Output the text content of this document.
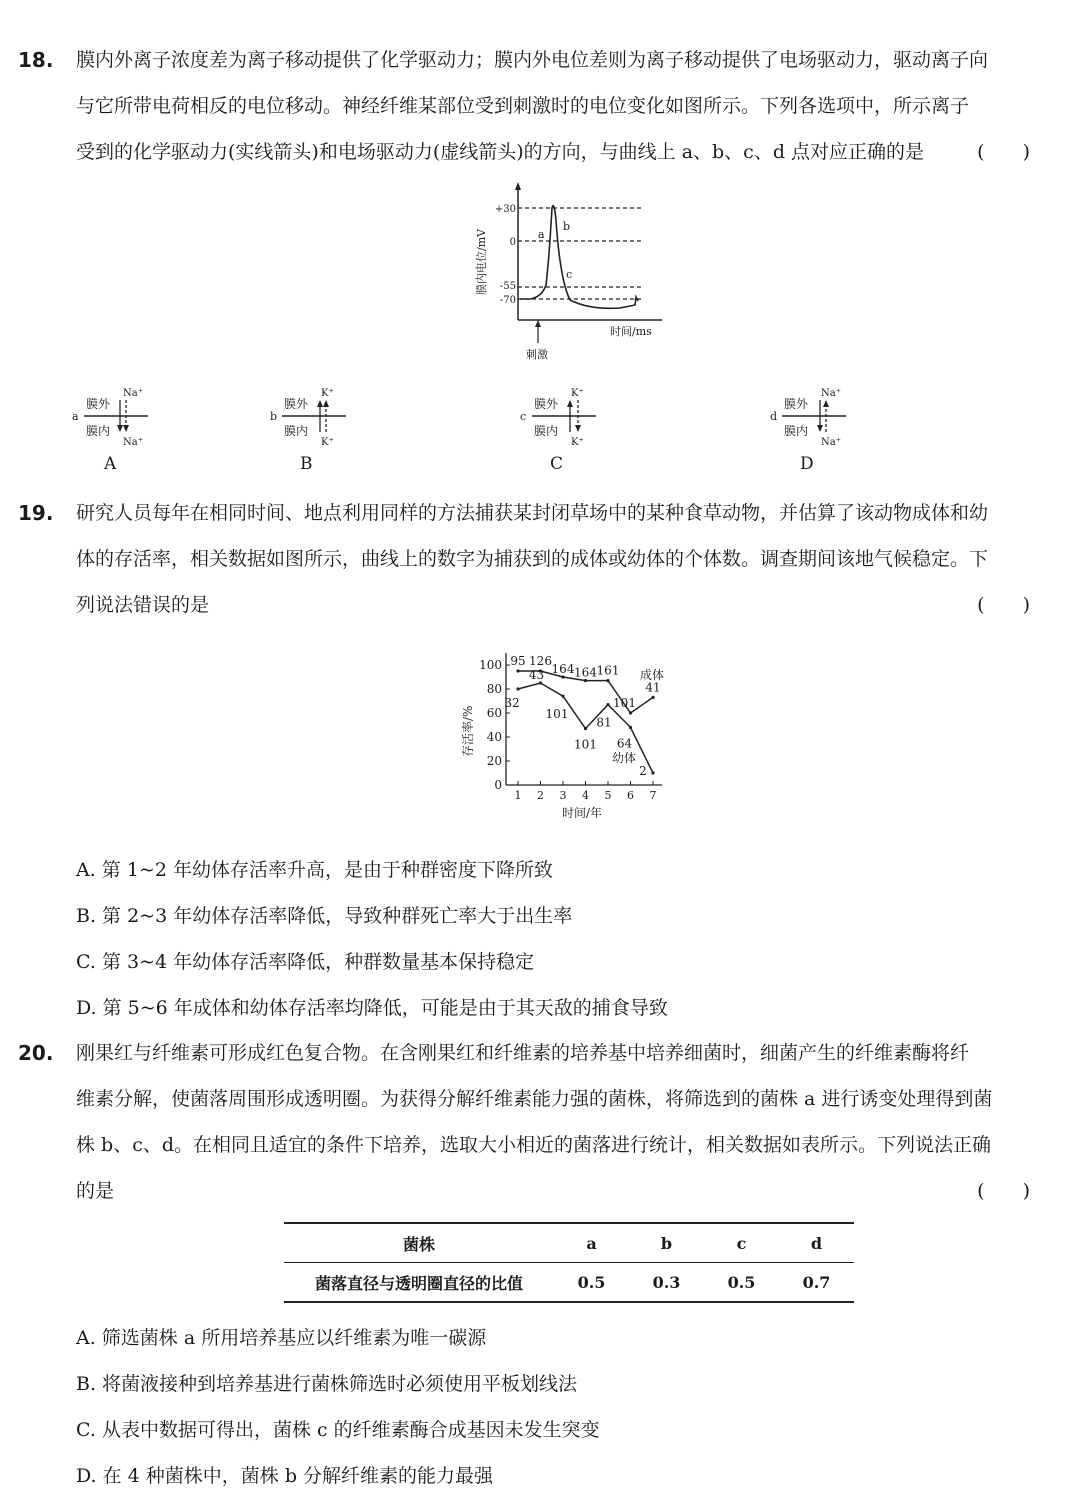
18. 膜内外离子浓度差为离子移动提供了化学驱动力；膜内外电位差则为离子移动提供了电场驱动力，驱动离子向

与它所带电荷相反的电位移动。神经纤维某部位受到刺激时的电位变化如图所示。下列各选项中，所示离子

受到的化学驱动力(实线箭头)和电场驱动力(虚线箭头)的方向，与曲线上 a、b、c、d 点对应正确的是	(　　)
+30
0
-55
-70
膜内电位/mV	a
b
c
时间/ms
刺激
a
膜外
膜内
Na⁺
Na⁺
b
膜外
膜内
K⁺
K⁺
c
膜外
膜内
K⁺
K⁺
d
膜外
膜内
Na⁺
Na⁺
A	B	C	D
19. 研究人员每年在相同时间、地点利用同样的方法捕获某封闭草场中的某种食草动物，并估算了该动物成体和幼

体的存活率，相关数据如图所示，曲线上的数字为捕获到的成体或幼体的个体数。调查期间该地气候稳定。下

列说法错误的是	(　　)
存活率/%
时间/年
0
20
40
60
80
100
1 2 3 4 5 6 7
95 126
164 164 161
101
41
32
43
101
101
81
64
2
成体
幼体
A. 第 1~2 年幼体存活率升高，是由于种群密度下降所致
B. 第 2~3 年幼体存活率降低，导致种群死亡率大于出生率
C. 第 3~4 年幼体存活率降低，种群数量基本保持稳定
D. 第 5~6 年成体和幼体存活率均降低，可能是由于其天敌的捕食导致
20. 刚果红与纤维素可形成红色复合物。在含刚果红和纤维素的培养基中培养细菌时，细菌产生的纤维素酶将纤

维素分解，使菌落周围形成透明圈。为获得分解纤维素能力强的菌株，将筛选到的菌株 a 进行诱变处理得到菌

株 b、c、d。在相同且适宜的条件下培养，选取大小相近的菌落进行统计，相关数据如表所示。下列说法正确

的是	(　　)
菌株	a	b	c	d
菌落直径与透明圈直径的比值	0.5	0.3	0.5	0.7
A. 筛选菌株 a 所用培养基应以纤维素为唯一碳源
B. 将菌液接种到培养基进行菌株筛选时必须使用平板划线法
C. 从表中数据可得出，菌株 c 的纤维素酶合成基因未发生突变
D. 在 4 种菌株中，菌株 b 分解纤维素的能力最强
